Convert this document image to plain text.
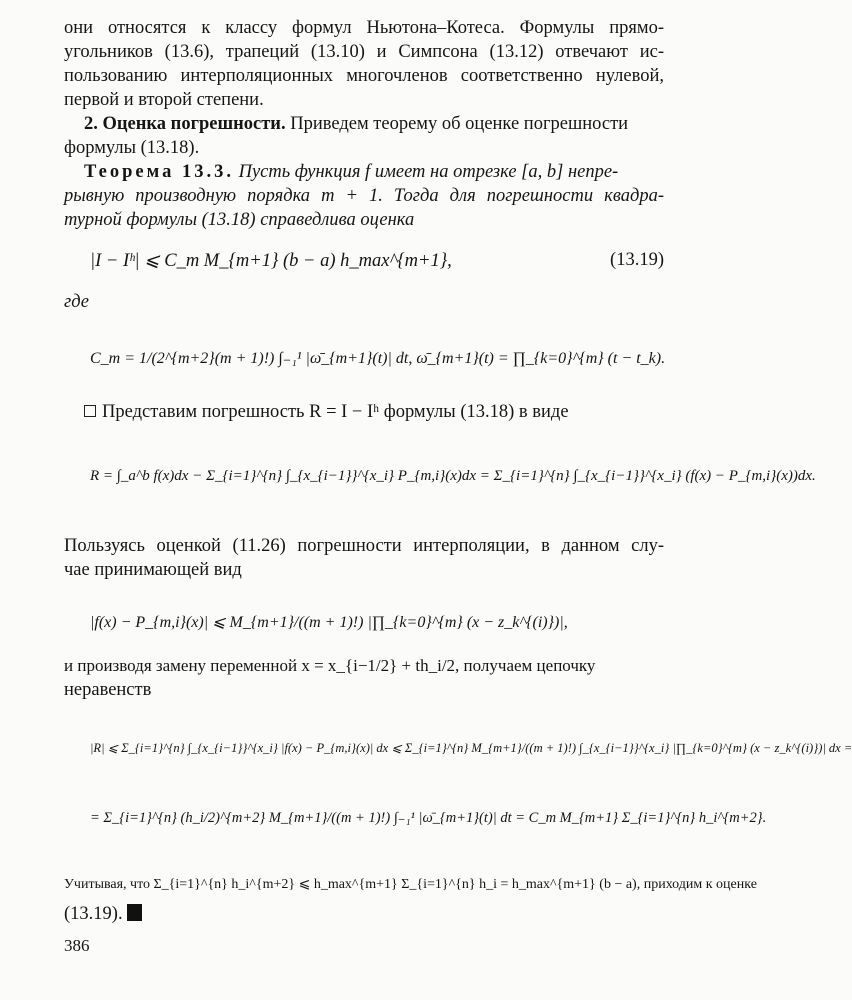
они относятся к классу формул Ньютона–Котеса. Формулы прямо-
угольников (13.6), трапеций (13.10) и Симпсона (13.12) отвечают ис-
пользованию интерполяционных многочленов соответственно нулевой,
первой и второй степени.
2. Оценка погрешности. Приведем теорему об оценке погрешности
формулы (13.18).
Теорема 13.3. Пусть функция f имеет на отрезке [a, b] непре-
рывную производную порядка m + 1. Тогда для погрешности квадра-
турной формулы (13.18) справедлива оценка
|I − Iʰ| ⩽ C_m M_{m+1} (b − a) h_max^{m+1},	(13.19)
где
C_m = 1/(2^{m+2}(m + 1)!) ∫₋₁¹ |ω̄_{m+1}(t)| dt, ω̄_{m+1}(t) = ∏_{k=0}^{m} (t − t_k).
Представим погрешность R = I − Iʰ формулы (13.18) в виде
R = ∫_a^b f(x)dx − Σ_{i=1}^{n} ∫_{x_{i−1}}^{x_i} P_{m,i}(x)dx = Σ_{i=1}^{n} ∫_{x_{i−1}}^{x_i} (f(x) − P_{m,i}(x))dx.
Пользуясь оценкой (11.26) погрешности интерполяции, в данном слу-
чае принимающей вид
|f(x) − P_{m,i}(x)| ⩽ M_{m+1}/((m + 1)!) |∏_{k=0}^{m} (x − z_k^{(i)})|,
и производя замену переменной x = x_{i−1/2} + th_i/2, получаем цепочку
неравенств
|R| ⩽ Σ_{i=1}^{n} ∫_{x_{i−1}}^{x_i} |f(x) − P_{m,i}(x)| dx ⩽ Σ_{i=1}^{n} M_{m+1}/((m + 1)!) ∫_{x_{i−1}}^{x_i} |∏_{k=0}^{m} (x − z_k^{(i)})| dx =
= Σ_{i=1}^{n} (h_i/2)^{m+2} M_{m+1}/((m + 1)!) ∫₋₁¹ |ω̄_{m+1}(t)| dt = C_m M_{m+1} Σ_{i=1}^{n} h_i^{m+2}.
Учитывая, что Σ_{i=1}^{n} h_i^{m+2} ⩽ h_max^{m+1} Σ_{i=1}^{n} h_i = h_max^{m+1} (b − a), приходим к оценке
(13.19).
386
